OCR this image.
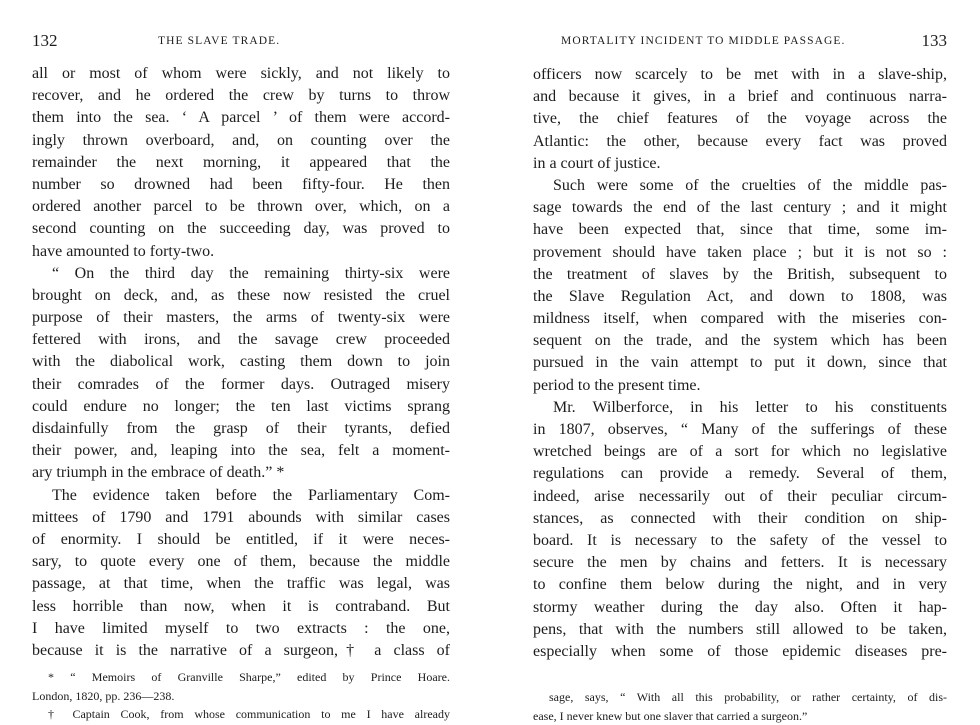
132	THE SLAVE TRADE.
all or most of whom were sickly, and not likely to
recover, and he ordered the crew by turns to throw
them into the sea. ‘ A parcel ’ of them were accord-
ingly thrown overboard, and, on counting over the
remainder the next morning, it appeared that the
number so drowned had been fifty-four. He then
ordered another parcel to be thrown over, which, on a
second counting on the succeeding day, was proved to
have amounted to forty-two.
“ On the third day the remaining thirty-six were
brought on deck, and, as these now resisted the cruel
purpose of their masters, the arms of twenty-six were
fettered with irons, and the savage crew proceeded
with the diabolical work, casting them down to join
their comrades of the former days. Outraged misery
could endure no longer; the ten last victims sprang
disdainfully from the grasp of their tyrants, defied
their power, and, leaping into the sea, felt a moment-
ary triumph in the embrace of death.” *
The evidence taken before the Parliamentary Com-
mittees of 1790 and 1791 abounds with similar cases
of enormity. I should be entitled, if it were neces-
sary, to quote every one of them, because the middle
passage, at that time, when the traffic was legal, was
less horrible than now, when it is contraband. But
I have limited myself to two extracts : the one,
because it is the narrative of a surgeon,† a class of
* “ Memoirs of Granville Sharpe,” edited by Prince Hoare.
London, 1820, pp. 236—238.
† Captain Cook, from whose communication to me I have already
MORTALITY INCIDENT TO MIDDLE PASSAGE.	133
officers now scarcely to be met with in a slave-ship,
and because it gives, in a brief and continuous narra-
tive, the chief features of the voyage across the
Atlantic: the other, because every fact was proved
in a court of justice.
Such were some of the cruelties of the middle pas-
sage towards the end of the last century ; and it might
have been expected that, since that time, some im-
provement should have taken place ; but it is not so :
the treatment of slaves by the British, subsequent to
the Slave Regulation Act, and down to 1808, was
mildness itself, when compared with the miseries con-
sequent on the trade, and the system which has been
pursued in the vain attempt to put it down, since that
period to the present time.
Mr. Wilberforce, in his letter to his constituents
in 1807, observes, “ Many of the sufferings of these
wretched beings are of a sort for which no legislative
regulations can provide a remedy. Several of them,
indeed, arise necessarily out of their peculiar circum-
stances, as connected with their condition on ship-
board. It is necessary to the safety of the vessel to
secure the men by chains and fetters. It is necessary
to confine them below during the night, and in very
stormy weather during the day also. Often it hap-
pens, that with the numbers still allowed to be taken,
especially when some of those epidemic diseases pre-
sage, says, “ With all this probability, or rather certainty, of dis-
ease, I never knew but one slaver that carried a surgeon.”
